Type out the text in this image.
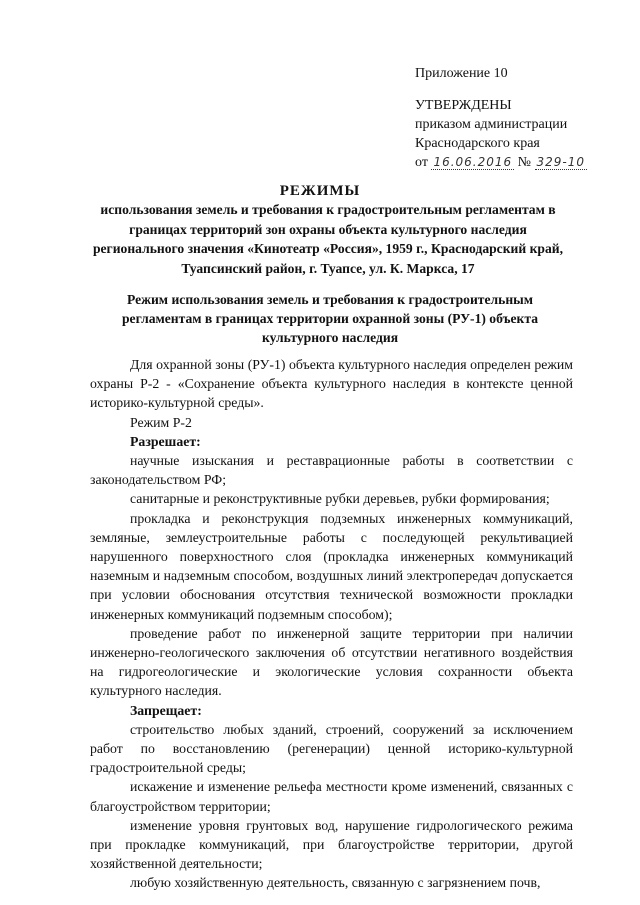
Приложение 10
УТВЕРЖДЕНЫ
приказом администрации
Краснодарского края
от 16.06.2016 № 329-10
РЕЖИМЫ
использования земель и требования к градостроительным регламентам в границах территорий зон охраны объекта культурного наследия регионального значения «Кинотеатр «Россия», 1959 г., Краснодарский край, Туапсинский район, г. Туапсе, ул. К. Маркса, 17
Режим использования земель и требования к градостроительным регламентам в границах территории охранной зоны (РУ-1) объекта культурного наследия

Для охранной зоны (РУ-1) объекта культурного наследия определен режим охраны Р-2 - «Сохранение объекта культурного наследия в контексте ценной историко-культурной среды».

Режим Р-2

Разрешает:

научные изыскания и реставрационные работы в соответствии с законодательством РФ;

санитарные и реконструктивные рубки деревьев, рубки формирования;

прокладка и реконструкция подземных инженерных коммуникаций, земляные, землеустроительные работы с последующей рекультивацией нарушенного поверхностного слоя (прокладка инженерных коммуникаций наземным и надземным способом, воздушных линий электропередач допускается при условии обоснования отсутствия технической возможности прокладки инженерных коммуникаций подземным способом);

проведение работ по инженерной защите территории при наличии инженерно-геологического заключения об отсутствии негативного воздействия на гидрогеологические и экологические условия сохранности объекта культурного наследия.

Запрещает:

строительство любых зданий, строений, сооружений за исключением работ по восстановлению (регенерации) ценной историко-культурной градостроительной среды;

искажение и изменение рельефа местности кроме изменений, связанных с благоустройством территории;

изменение уровня грунтовых вод, нарушение гидрологического режима при прокладке коммуникаций, при благоустройстве территории, другой хозяйственной деятельности;

любую хозяйственную деятельность, связанную с загрязнением почв,
